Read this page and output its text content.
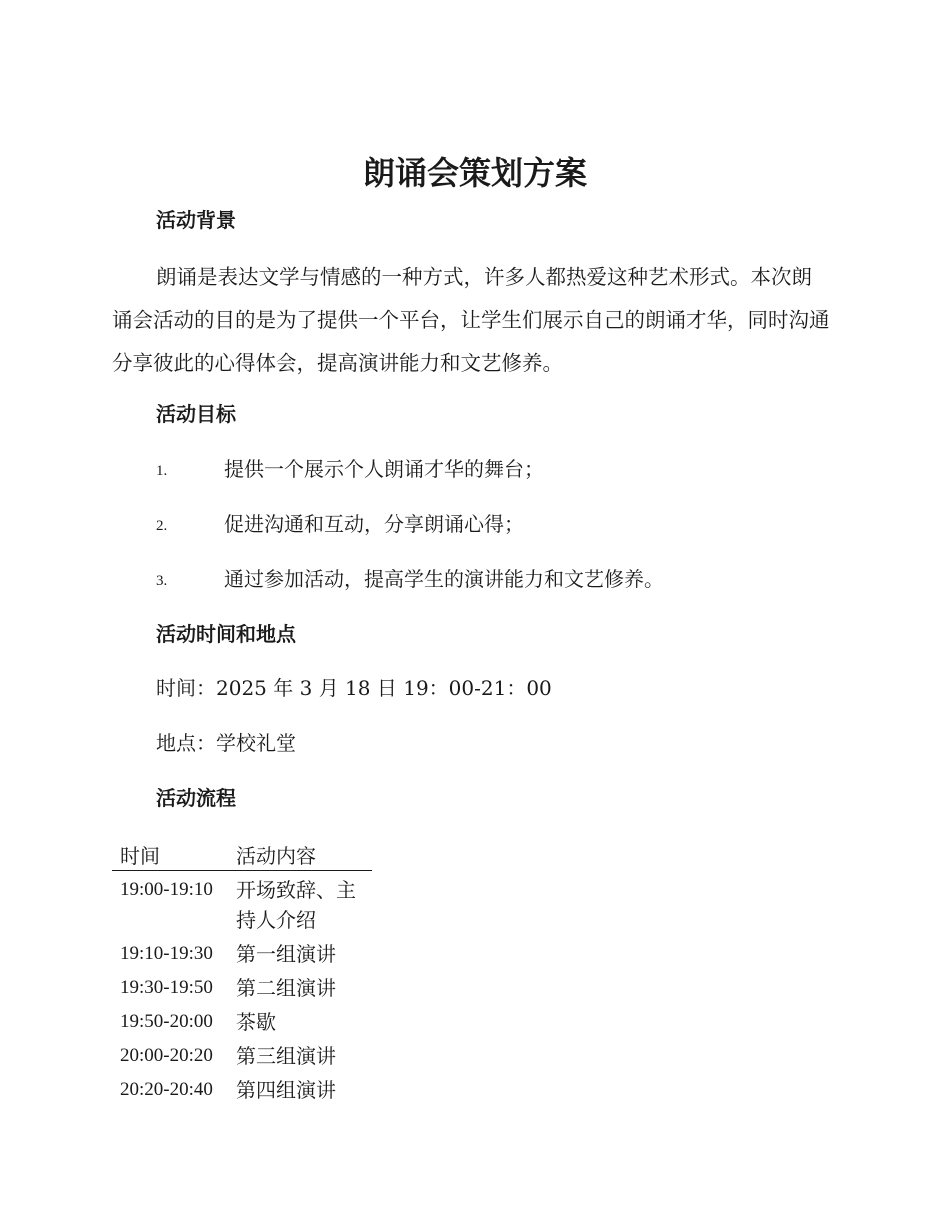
朗诵会策划方案
活动背景

朗诵是表达文学与情感的一种方式，许多人都热爱这种艺术形式。本次朗诵会活动的目的是为了提供一个平台，让学生们展示自己的朗诵才华，同时沟通分享彼此的心得体会，提高演讲能力和文艺修养。

活动目标
1.	提供一个展示个人朗诵才华的舞台；
2.	促进沟通和互动，分享朗诵心得；
3.	通过参加活动，提高学生的演讲能力和文艺修养。
活动时间和地点

时间：2025 年 3 月 18 日 19：00-21：00

地点：学校礼堂

活动流程
时间	活动内容
19:00-19:10	开场致辞、主持人介绍
19:10-19:30	第一组演讲
19:30-19:50	第二组演讲
19:50-20:00	茶歇
20:00-20:20	第三组演讲
20:20-20:40	第四组演讲
